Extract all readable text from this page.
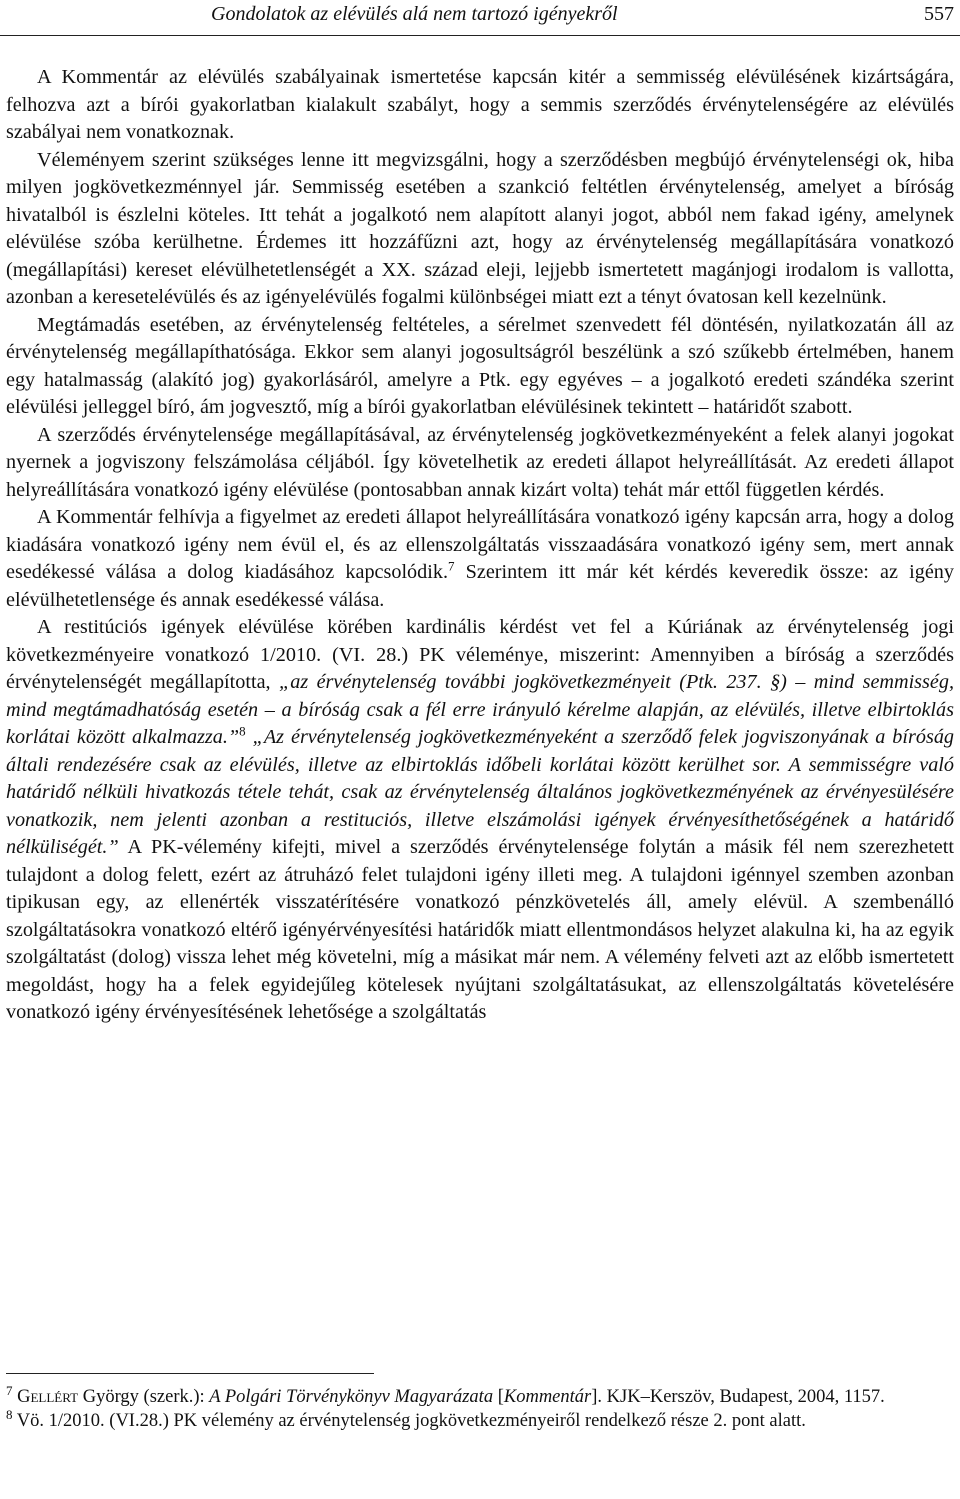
Gondolatok az elévülés alá nem tartozó igényekről	557

A Kommentár az elévülés szabályainak ismertetése kapcsán kitér a semmisség elévülésének kizártságára, felhozva azt a bírói gyakorlatban kialakult szabályt, hogy a semmis szerződés érvénytelenségére az elévülés szabályai nem vonatkoznak.

Véleményem szerint szükséges lenne itt megvizsgálni, hogy a szerződésben megbújó érvénytelenségi ok, hiba milyen jogkövetkezménnyel jár. Semmisség esetében a szankció feltétlen érvénytelenség, amelyet a bíróság hivatalból is észlelni köteles. Itt tehát a jogalkotó nem alapított alanyi jogot, abból nem fakad igény, amelynek elévülése szóba kerülhetne. Érdemes itt hozzáfűzni azt, hogy az érvénytelenség megállapítására vonatkozó (megállapítási) kereset elévülhetetlenségét a XX. század eleji, lejjebb ismertetett magánjogi irodalom is vallotta, azonban a keresetelévülés és az igényelévülés fogalmi különbségei miatt ezt a tényt óvatosan kell kezelnünk.

Megtámadás esetében, az érvénytelenség feltételes, a sérelmet szenvedett fél döntésén, nyilatkozatán áll az érvénytelenség megállapíthatósága. Ekkor sem alanyi jogosultságról beszélünk a szó szűkebb értelmében, hanem egy hatalmasság (alakító jog) gyakorlásáról, amelyre a Ptk. egy egyéves – a jogalkotó eredeti szándéka szerint elévülési jelleggel bíró, ám jogvesztő, míg a bírói gyakorlatban elévülésinek tekintett – határidőt szabott.

A szerződés érvénytelensége megállapításával, az érvénytelenség jogkövetkezményeként a felek alanyi jogokat nyernek a jogviszony felszámolása céljából. Így követelhetik az eredeti állapot helyreállítását. Az eredeti állapot helyreállítására vonatkozó igény elévülése (pontosabban annak kizárt volta) tehát már ettől független kérdés.

A Kommentár felhívja a figyelmet az eredeti állapot helyreállítására vonatkozó igény kapcsán arra, hogy a dolog kiadására vonatkozó igény nem évül el, és az ellenszolgáltatás visszaadására vonatkozó igény sem, mert annak esedékessé válása a dolog kiadásához kapcsolódik.$^7$ Szerintem itt már két kérdés keveredik össze: az igény elévülhetetlensége és annak esedékessé válása.

A restitúciós igények elévülése körében kardinális kérdést vet fel a Kúriának az érvénytelenség jogi következményeire vonatkozó 1/2010. (VI. 28.) PK véleménye, miszerint: Amennyiben a bíróság a szerződés érvénytelenségét megállapította, „az érvénytelenség további jogkövetkezményeit (Ptk. 237. §) – mind semmisség, mind megtámadhatóság esetén – a bíróság csak a fél erre irányuló kérelme alapján, az elévülés, illetve elbirtoklás korlátai között alkalmazza.”$^8$ „Az érvénytelenség jogkövetkezményeként a szerződő felek jogviszonyának a bíróság általi rendezésére csak az elévülés, illetve az elbirtoklás időbeli korlátai között kerülhet sor. A semmisségre való határidő nélküli hivatkozás tétele tehát, csak az érvénytelenség általános jogkövetkezményének az érvényesülésére vonatkozik, nem jelenti azonban a restituciós, illetve elszámolási igények érvényesíthetőségének a határidő nélküliségét.” A PK-vélemény kifejti, mivel a szerződés érvénytelensége folytán a másik fél nem szerezhetett tulajdont a dolog felett, ezért az átruházó felet tulajdoni igény illeti meg. A tulajdoni igénnyel szemben azonban tipikusan egy, az ellenérték visszatérítésére vonatkozó pénzkövetelés áll, amely elévül. A szembenálló szolgáltatásokra vonatkozó eltérő igényérvényesítési határidők miatt ellentmondásos helyzet alakulna ki, ha az egyik szolgáltatást (dolog) vissza lehet még követelni, míg a másikat már nem. A vélemény felveti azt az előbb ismertetett megoldást, hogy ha a felek egyidejűleg kötelesek nyújtani szolgáltatásukat, az ellenszolgáltatás követelésére vonatkozó igény érvényesítésének lehetősége a szolgáltatás

$^7$ Gellért György (szerk.): A Polgári Törvénykönyv Magyarázata [Kommentár]. KJK–Kerszöv, Budapest, 2004, 1157.

$^8$ Vö. 1/2010. (VI.28.) PK vélemény az érvénytelenség jogkövetkezményeiről rendelkező része 2. pont alatt.
